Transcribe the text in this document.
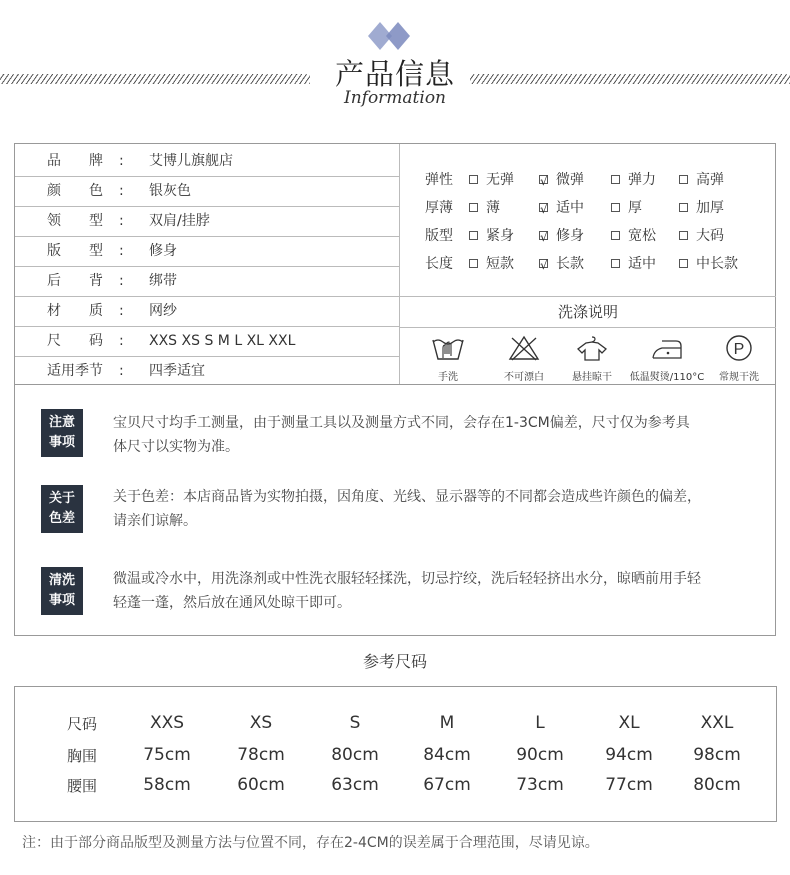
产品信息
Information
品　　牌	: 艾博儿旗舰店
颜　　色	: 银灰色
领　　型	: 双肩/挂脖
版　　型	: 修身
后　　背	: 绑带
材　　质	: 网纱
尺　　码	: XXS XS S M L XL XXL
适用季节	: 四季适宜
弹性	无弹 √	微弹	弹力	高弹
厚薄	薄 √	适中	厚	加厚
版型	紧身 √	修身	宽松	大码
长度	短款 √	长款	适中	中长款
洗涤说明
手洗	不可漂白	悬挂晾干	低温熨烫/110°C
P
常规干洗
注意
事项
宝贝尺寸均手工测量，由于测量工具以及测量方式不同，会存在1-3CM偏差，尺寸仅为参考具
体尺寸以实物为准。
关于
色差
关于色差：本店商品皆为实物拍摄，因角度、光线、显示器等的不同都会造成些许颜色的偏差，
请亲们谅解。
清洗
事项
微温或冷水中，用洗涤剂或中性洗衣服轻轻揉洗，切忌拧绞，洗后轻轻挤出水分，晾晒前用手轻
轻蓬一蓬，然后放在通风处晾干即可。
参考尺码
尺码	XXS	XS	S	M	L	XL	XXL
胸围	75cm	78cm	80cm	84cm	90cm	94cm	98cm
腰围	58cm	60cm	63cm	67cm	73cm	77cm	80cm
注：由于部分商品版型及测量方法与位置不同，存在2-4CM的误差属于合理范围，尽请见谅。
